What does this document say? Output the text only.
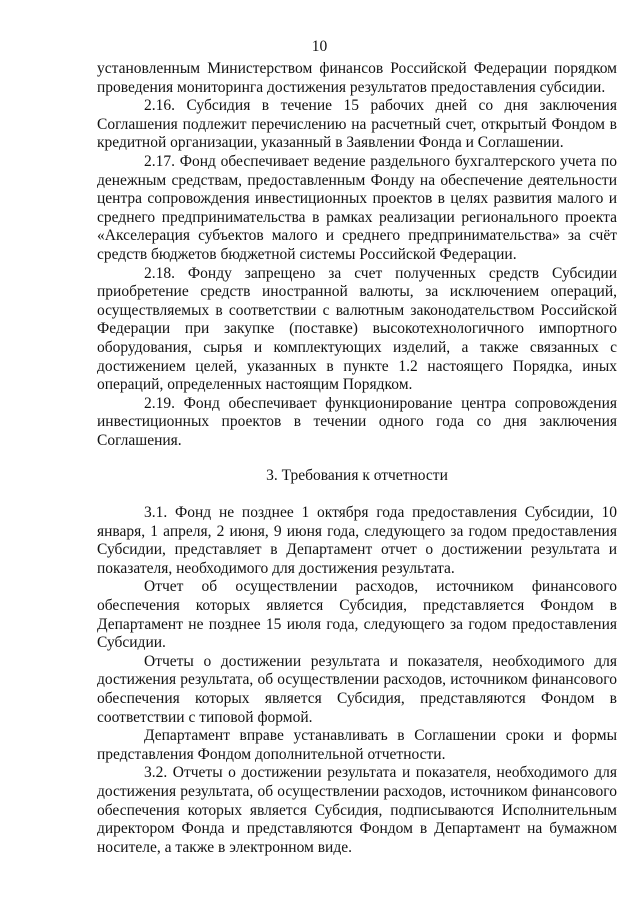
10

установленным Министерством финансов Российской Федерации порядком проведения мониторинга достижения результатов предоставления субсидии.

2.16. Субсидия в течение 15 рабочих дней со дня заключения Соглашения подлежит перечислению на расчетный счет, открытый Фондом в кредитной организации, указанный в Заявлении Фонда и Соглашении.

2.17. Фонд обеспечивает ведение раздельного бухгалтерского учета по денежным средствам, предоставленным Фонду на обеспечение деятельности центра сопровождения инвестиционных проектов в целях развития малого и среднего предпринимательства в рамках реализации регионального проекта «Акселерация субъектов малого и среднего предпринимательства» за счёт средств бюджетов бюджетной системы Российской Федерации.

2.18. Фонду запрещено за счет полученных средств Субсидии приобретение средств иностранной валюты, за исключением операций, осуществляемых в соответствии с валютным законодательством Российской Федерации при закупке (поставке) высокотехнологичного импортного оборудования, сырья и комплектующих изделий, а также связанных с достижением целей, указанных в пункте 1.2 настоящего Порядка, иных операций, определенных настоящим Порядком.

2.19. Фонд обеспечивает функционирование центра сопровождения инвестиционных проектов в течении одного года со дня заключения Соглашения.

3. Требования к отчетности

3.1. Фонд не позднее 1 октября года предоставления Субсидии, 10 января, 1 апреля, 2 июня, 9 июня года, следующего за годом предоставления Субсидии, представляет в Департамент отчет о достижении результата и показателя, необходимого для достижения результата.

Отчет об осуществлении расходов, источником финансового обеспечения которых является Субсидия, представляется Фондом в Департамент не позднее 15 июля года, следующего за годом предоставления Субсидии.

Отчеты о достижении результата и показателя, необходимого для достижения результата, об осуществлении расходов, источником финансового обеспечения которых является Субсидия, представляются Фондом в соответствии с типовой формой.

Департамент вправе устанавливать в Соглашении сроки и формы представления Фондом дополнительной отчетности.

3.2. Отчеты о достижении результата и показателя, необходимого для достижения результата, об осуществлении расходов, источником финансового обеспечения которых является Субсидия, подписываются Исполнительным директором Фонда и представляются Фондом в Департамент на бумажном носителе, а также в электронном виде.
